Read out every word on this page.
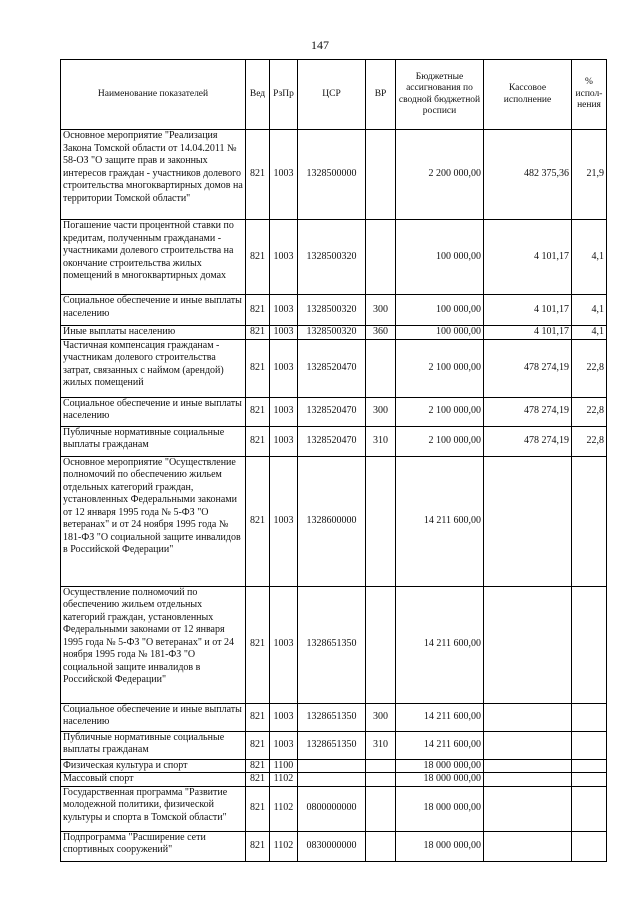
147
Наименование показателей	Вед	РзПр	ЦСР	ВР	Бюджетные ассигнования по сводной бюджетной росписи	Кассовое исполнение	% испол-нения
Основное мероприятие "Реализация Закона Томской области от 14.04.2011 № 58-ОЗ "О защите прав и законных интересов граждан - участников долевого строительства многоквартирных домов на территории Томской области"	821	1003	1328500000		2 200 000,00	482 375,36	21,9
Погашение части процентной ставки по кредитам, полученным гражданами - участниками долевого строительства на окончание строительства жилых помещений в многоквартирных домах	821	1003	1328500320		100 000,00	4 101,17	4,1
Социальное обеспечение и иные выплаты населению	821	1003	1328500320	300	100 000,00	4 101,17	4,1
Иные выплаты населению	821	1003	1328500320	360	100 000,00	4 101,17	4,1
Частичная компенсация гражданам - участникам долевого строительства затрат, связанных с наймом (арендой) жилых помещений	821	1003	1328520470		2 100 000,00	478 274,19	22,8
Социальное обеспечение и иные выплаты населению	821	1003	1328520470	300	2 100 000,00	478 274,19	22,8
Публичные нормативные социальные выплаты гражданам	821	1003	1328520470	310	2 100 000,00	478 274,19	22,8
Основное мероприятие "Осуществление полномочий по обеспечению жильем отдельных категорий граждан, установленных Федеральными законами от 12 января 1995 года № 5-ФЗ "О ветеранах" и от 24 ноября 1995 года № 181-ФЗ "О социальной защите инвалидов в Российской Федерации"	821	1003	1328600000		14 211 600,00		
Осуществление полномочий по обеспечению жильем отдельных категорий граждан, установленных Федеральными законами от 12 января 1995 года № 5-ФЗ "О ветеранах" и от 24 ноября 1995 года № 181-ФЗ "О социальной защите инвалидов в Российской Федерации"	821	1003	1328651350		14 211 600,00		
Социальное обеспечение и иные выплаты населению	821	1003	1328651350	300	14 211 600,00		
Публичные нормативные социальные выплаты гражданам	821	1003	1328651350	310	14 211 600,00		
Физическая культура и спорт	821	1100			18 000 000,00		
Массовый спорт	821	1102			18 000 000,00		
Государственная программа "Развитие молодежной политики, физической культуры и спорта в Томской области"	821	1102	0800000000		18 000 000,00		
Подпрограмма "Расширение сети спортивных сооружений"	821	1102	0830000000		18 000 000,00		
